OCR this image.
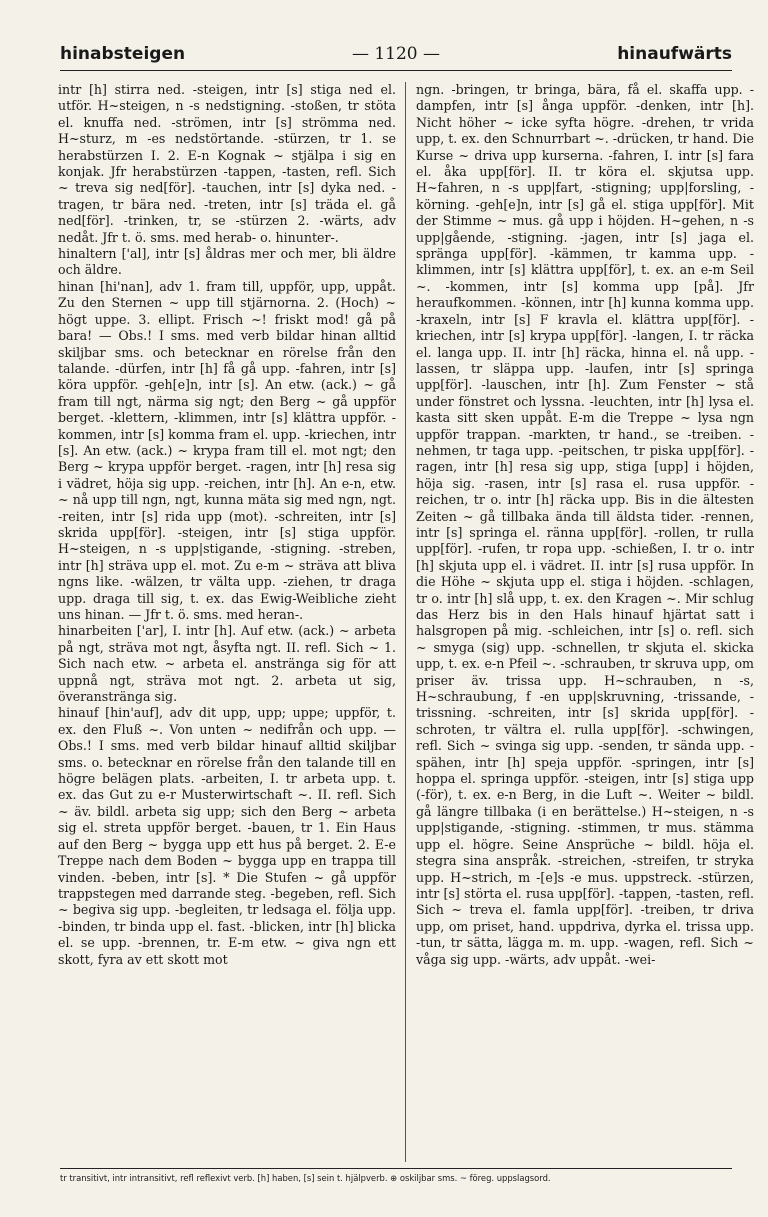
hinabsteigen	— 1120 —	hinaufwärts

intr [h] stirra ned. -steigen, intr [s] stiga ned el. utför. H~steigen, n -s nedstigning. -stoßen, tr stöta el. knuffa ned. -strömen, intr [s] strömma ned. H~sturz, m -es nedstörtande. -stürzen, tr 1. se herabstürzen I. 2. E-n Kognak ~ stjälpa i sig en konjak. Jfr herabstürzen -tappen, -tasten, refl. Sich ~ treva sig ned[för]. -tauchen, intr [s] dyka ned. -tragen, tr bära ned. -treten, intr [s] träda el. gå ned[för]. -trinken, tr, se -stürzen 2. -wärts, adv nedåt. Jfr t. ö. sms. med herab- o. hinunter-.

hinaltern ['al], intr [s] åldras mer och mer, bli äldre och äldre.

hinan [hi'nan], adv 1. fram till, uppför, upp, uppåt. Zu den Sternen ~ upp till stjärnorna. 2. (Hoch) ~ högt uppe. 3. ellipt. Frisch ~! friskt mod! gå på bara! — Obs.! I sms. med verb bildar hinan alltid skiljbar sms. och betecknar en rörelse från den talande. -dürfen, intr [h] få gå upp. -fahren, intr [s] köra uppför. -geh[e]n, intr [s]. An etw. (ack.) ~ gå fram till ngt, närma sig ngt; den Berg ~ gå uppför berget. -klettern, -klimmen, intr [s] klättra uppför. -kommen, intr [s] komma fram el. upp. -kriechen, intr [s]. An etw. (ack.) ~ krypa fram till el. mot ngt; den Berg ~ krypa uppför berget. -ragen, intr [h] resa sig i vädret, höja sig upp. -reichen, intr [h]. An e-n, etw. ~ nå upp till ngn, ngt, kunna mäta sig med ngn, ngt. -reiten, intr [s] rida upp (mot). -schreiten, intr [s] skrida upp[för]. -steigen, intr [s] stiga uppför. H~steigen, n -s upp|stigande, -stigning. -streben, intr [h] sträva upp el. mot. Zu e-m ~ sträva att bliva ngns like. -wälzen, tr välta upp. -ziehen, tr draga upp. draga till sig, t. ex. das Ewig-Weibliche zieht uns hinan. — Jfr t. ö. sms. med heran-.

hinarbeiten ['ar], I. intr [h]. Auf etw. (ack.) ~ arbeta på ngt, sträva mot ngt, åsyfta ngt. II. refl. Sich ~ 1. Sich nach etw. ~ arbeta el. anstränga sig för att uppnå ngt, sträva mot ngt. 2. arbeta ut sig, överanstränga sig.

hinauf [hin'auf], adv dit upp, upp; uppe; uppför, t. ex. den Fluß ~. Von unten ~ nedifrån och upp. — Obs.! I sms. med verb bildar hinauf alltid skiljbar sms. o. betecknar en rörelse från den talande till en högre belägen plats. -arbeiten, I. tr arbeta upp. t. ex. das Gut zu e-r Musterwirtschaft ~. II. refl. Sich ~ äv. bildl. arbeta sig upp; sich den Berg ~ arbeta sig el. streta uppför berget. -bauen, tr 1. Ein Haus auf den Berg ~ bygga upp ett hus på berget. 2. E-e Treppe nach dem Boden ~ bygga upp en trappa till vinden. -beben, intr [s]. * Die Stufen ~ gå uppför trappstegen med darrande steg. -begeben, refl. Sich ~ begiva sig upp. -begleiten, tr ledsaga el. följa upp. -binden, tr binda upp el. fast. -blicken, intr [h] blicka el. se upp. -brennen, tr. E-m etw. ~ giva ngn ett skott, fyra av ett skott mot

ngn. -bringen, tr bringa, bära, få el. skaffa upp. -dampfen, intr [s] ånga uppför. -denken, intr [h]. Nicht höher ~ icke syfta högre. -drehen, tr vrida upp, t. ex. den Schnurrbart ~. -drücken, tr hand. Die Kurse ~ driva upp kurserna. -fahren, I. intr [s] fara el. åka upp[för]. II. tr köra el. skjutsa upp. H~fahren, n -s upp|fart, -stigning; upp|forsling, -körning. -geh[e]n, intr [s] gå el. stiga upp[för]. Mit der Stimme ~ mus. gå upp i höjden. H~gehen, n -s upp|gående, -stigning. -jagen, intr [s] jaga el. spränga upp[för]. -kämmen, tr kamma upp. -klimmen, intr [s] klättra upp[för], t. ex. an e-m Seil ~. -kommen, intr [s] komma upp [på]. Jfr heraufkommen. -können, intr [h] kunna komma upp. -kraxeln, intr [s] F kravla el. klättra upp[för]. -kriechen, intr [s] krypa upp[för]. -langen, I. tr räcka el. langa upp. II. intr [h] räcka, hinna el. nå upp. -lassen, tr släppa upp. -laufen, intr [s] springa upp[för]. -lauschen, intr [h]. Zum Fenster ~ stå under fönstret och lyssna. -leuchten, intr [h] lysa el. kasta sitt sken uppåt. E-m die Treppe ~ lysa ngn uppför trappan. -markten, tr hand., se -treiben. -nehmen, tr taga upp. -peitschen, tr piska upp[för]. -ragen, intr [h] resa sig upp, stiga [upp] i höjden, höja sig. -rasen, intr [s] rasa el. rusa uppför. -reichen, tr o. intr [h] räcka upp. Bis in die ältesten Zeiten ~ gå tillbaka ända till äldsta tider. -rennen, intr [s] springa el. ränna upp[för]. -rollen, tr rulla upp[för]. -rufen, tr ropa upp. -schießen, I. tr o. intr [h] skjuta upp el. i vädret. II. intr [s] rusa uppför. In die Höhe ~ skjuta upp el. stiga i höjden. -schlagen, tr o. intr [h] slå upp, t. ex. den Kragen ~. Mir schlug das Herz bis in den Hals hinauf hjärtat satt i halsgropen på mig. -schleichen, intr [s] o. refl. sich ~ smyga (sig) upp. -schnellen, tr skjuta el. skicka upp, t. ex. e-n Pfeil ~. -schrauben, tr skruva upp, om priser äv. trissa upp. H~schrauben, n -s, H~schraubung, f -en upp|skruvning, -trissande, -trissning. -schreiten, intr [s] skrida upp[för]. -schroten, tr vältra el. rulla upp[för]. -schwingen, refl. Sich ~ svinga sig upp. -senden, tr sända upp. -spähen, intr [h] speja uppför. -springen, intr [s] hoppa el. springa uppför. -steigen, intr [s] stiga upp (-för), t. ex. e-n Berg, in die Luft ~. Weiter ~ bildl. gå längre tillbaka (i en berättelse.) H~steigen, n -s upp|stigande, -stigning. -stimmen, tr mus. stämma upp el. högre. Seine Ansprüche ~ bildl. höja el. stegra sina anspråk. -streichen, -streifen, tr stryka upp. H~strich, m -[e]s -e mus. uppstreck. -stürzen, intr [s] störta el. rusa upp[för]. -tappen, -tasten, refl. Sich ~ treva el. famla upp[för]. -treiben, tr driva upp, om priset, hand. uppdriva, dyrka el. trissa upp. -tun, tr sätta, lägga m. m. upp. -wagen, refl. Sich ~ våga sig upp. -wärts, adv uppåt. -wei-

tr transitivt, intr intransitivt, refl reflexivt verb. [h] haben, [s] sein t. hjälpverb. ⊕ oskiljbar sms. ~ föreg. uppslagsord.
